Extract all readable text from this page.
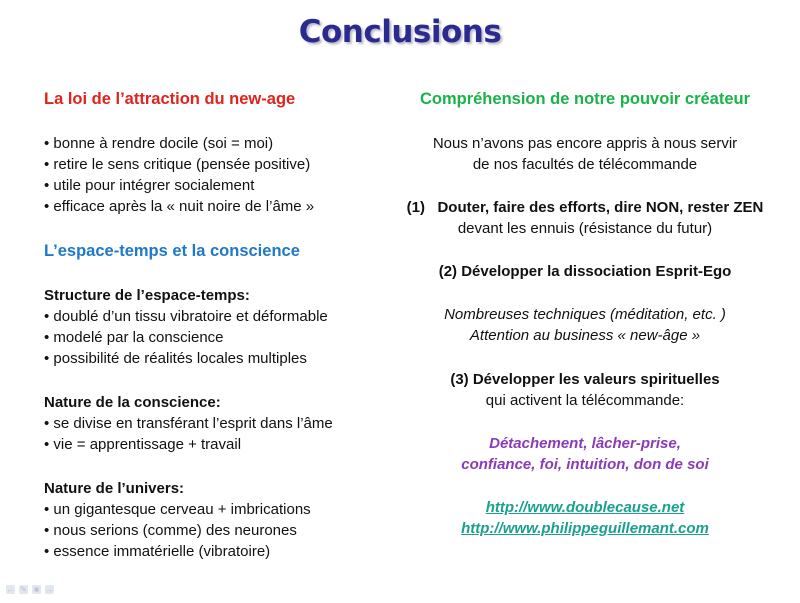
Conclusions
La loi de l’attraction du new-age
• bonne à rendre docile (soi = moi)
• retire le sens critique (pensée positive)
• utile pour intégrer socialement
• efficace après la « nuit noire de l’âme »
L’espace-temps et la conscience
Structure de l’espace-temps:
• doublé d’un tissu vibratoire et déformable
• modelé par la conscience
• possibilité de réalités locales multiples
Nature de la conscience:
• se divise en transférant l’esprit dans l’âme
• vie = apprentissage + travail
Nature de l’univers:
• un gigantesque cerveau + imbrications
• nous serions (comme) des neurones
• essence immatérielle (vibratoire)
Compréhension de notre pouvoir créateur
Nous n’avons pas encore appris à nous servir
de nos facultés de télécommande
(1)   Douter, faire des efforts, dire NON, rester ZEN
devant les ennuis (résistance du futur)
(2) Développer la dissociation Esprit-Ego
Nombreuses techniques (méditation, etc. )
Attention au business « new-âge »
(3) Développer les valeurs spirituelles
qui activent la télécommande:
Détachement, lâcher-prise,
confiance, foi, intuition, don de soi
http://www.doublecause.net
http://www.philippeguillemant.com
← ✎ ■ →
